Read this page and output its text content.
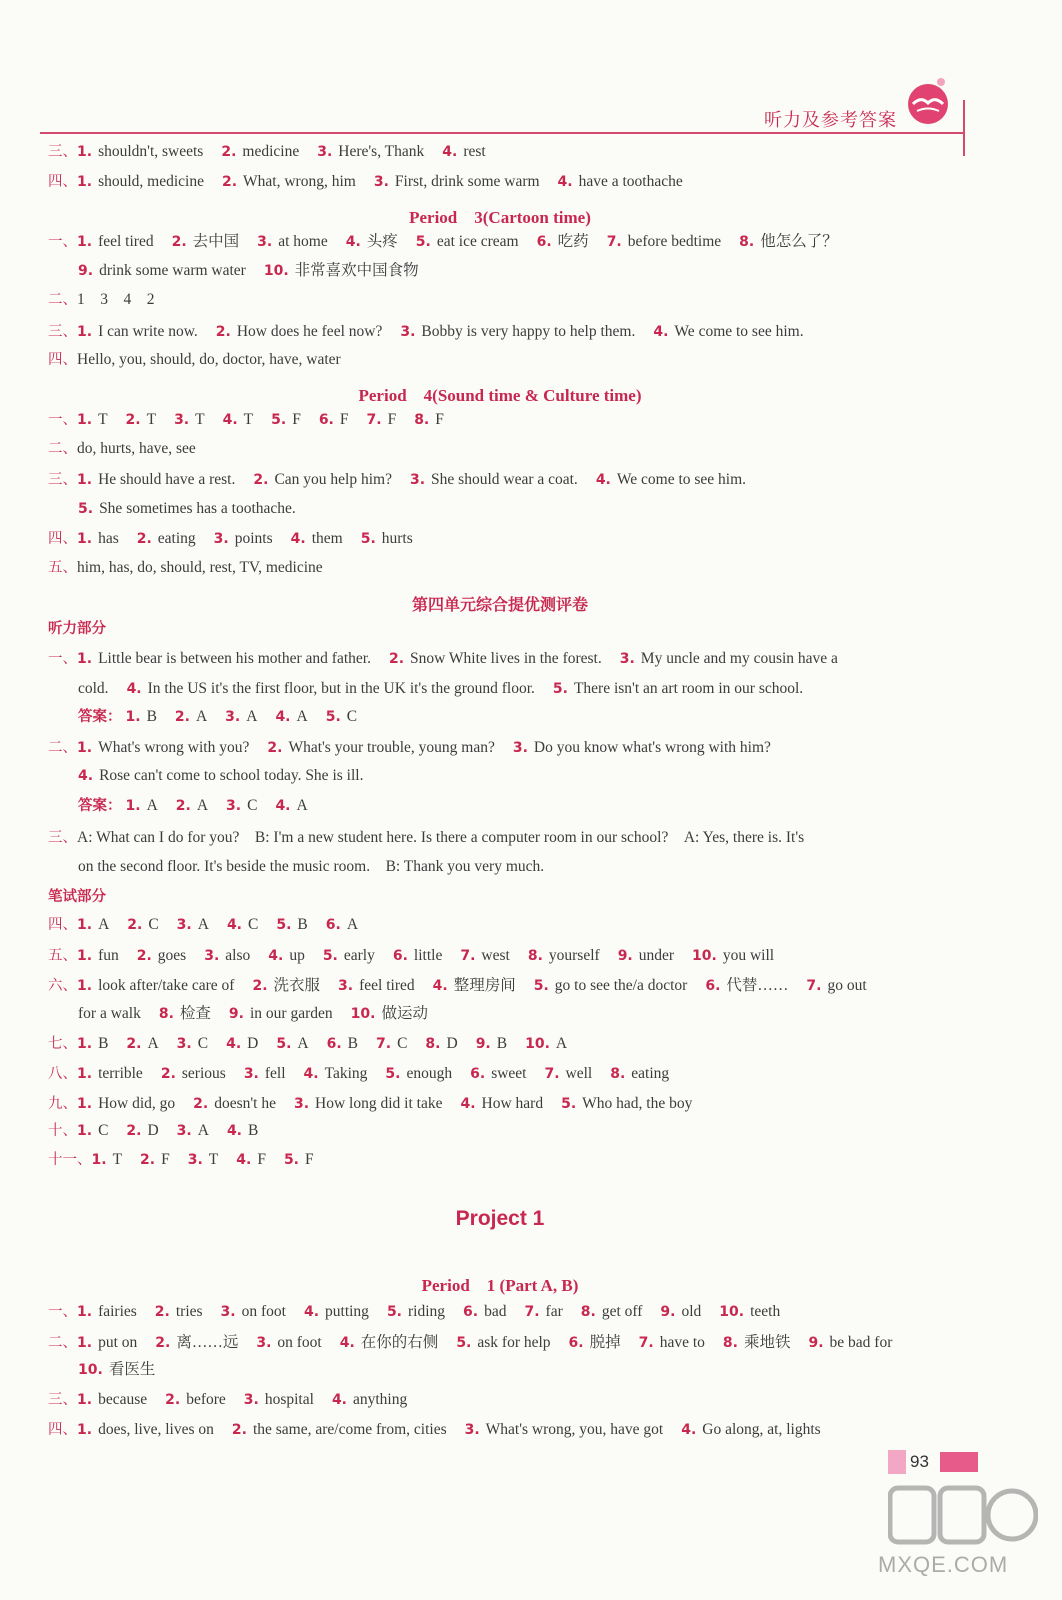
听力及参考答案
Period　3(Cartoon time)
Period　4(Sound time & Culture time)
第四单元综合提优测评卷
Project 1
Period　1 (Part A, B)
听力部分
笔试部分
三、1. shouldn't, sweets 2. medicine 3. Here's, Thank 4. rest
四、1. should, medicine 2. What, wrong, him 3. First, drink some warm 4. have a toothache
一、1. feel tired 2. 去中国 3. at home 4. 头疼 5. eat ice cream 6. 吃药 7. before bedtime 8. 他怎么了？
9. drink some warm water 10. 非常喜欢中国食物
二、1　3　4　2
三、1. I can write now. 2. How does he feel now? 3. Bobby is very happy to help them. 4. We come to see him.
四、Hello, you, should, do, doctor, have, water
一、1. T 2. T 3. T 4. T 5. F 6. F 7. F 8. F
二、do, hurts, have, see
三、1. He should have a rest. 2. Can you help him? 3. She should wear a coat. 4. We come to see him.
5. She sometimes has a toothache.
四、1. has 2. eating 3. points 4. them 5. hurts
五、him, has, do, should, rest, TV, medicine
一、1. Little bear is between his mother and father. 2. Snow White lives in the forest. 3. My uncle and my cousin have a
cold. 4. In the US it's the first floor, but in the UK it's the ground floor. 5. There isn't an art room in our school.
答案： 1. B 2. A 3. A 4. A 5. C
二、1. What's wrong with you? 2. What's your trouble, young man? 3. Do you know what's wrong with him?
4. Rose can't come to school today. She is ill.
答案： 1. A 2. A 3. C 4. A
三、A: What can I do for you?　B: I'm a new student here. Is there a computer room in our school?　A: Yes, there is. It's
on the second floor. It's beside the music room.　B: Thank you very much.
四、1. A 2. C 3. A 4. C 5. B 6. A
五、1. fun 2. goes 3. also 4. up 5. early 6. little 7. west 8. yourself 9. under 10. you will
六、1. look after/take care of 2. 洗衣服 3. feel tired 4. 整理房间 5. go to see the/a doctor 6. 代替…… 7. go out
for a walk 8. 检查 9. in our garden 10. 做运动
七、1. B 2. A 3. C 4. D 5. A 6. B 7. C 8. D 9. B 10. A
八、1. terrible 2. serious 3. fell 4. Taking 5. enough 6. sweet 7. well 8. eating
九、1. How did, go 2. doesn't he 3. How long did it take 4. How hard 5. Who had, the boy
十、1. C 2. D 3. A 4. B
十一、1. T 2. F 3. T 4. F 5. F
一、1. fairies 2. tries 3. on foot 4. putting 5. riding 6. bad 7. far 8. get off 9. old 10. teeth
二、1. put on 2. 离……远 3. on foot 4. 在你的右侧 5. ask for help 6. 脱掉 7. have to 8. 乘地铁 9. be bad for
10. 看医生
三、1. because 2. before 3. hospital 4. anything
四、1. does, live, lives on 2. the same, are/come from, cities 3. What's wrong, you, have got 4. Go along, at, lights
93
MXQE.COM
